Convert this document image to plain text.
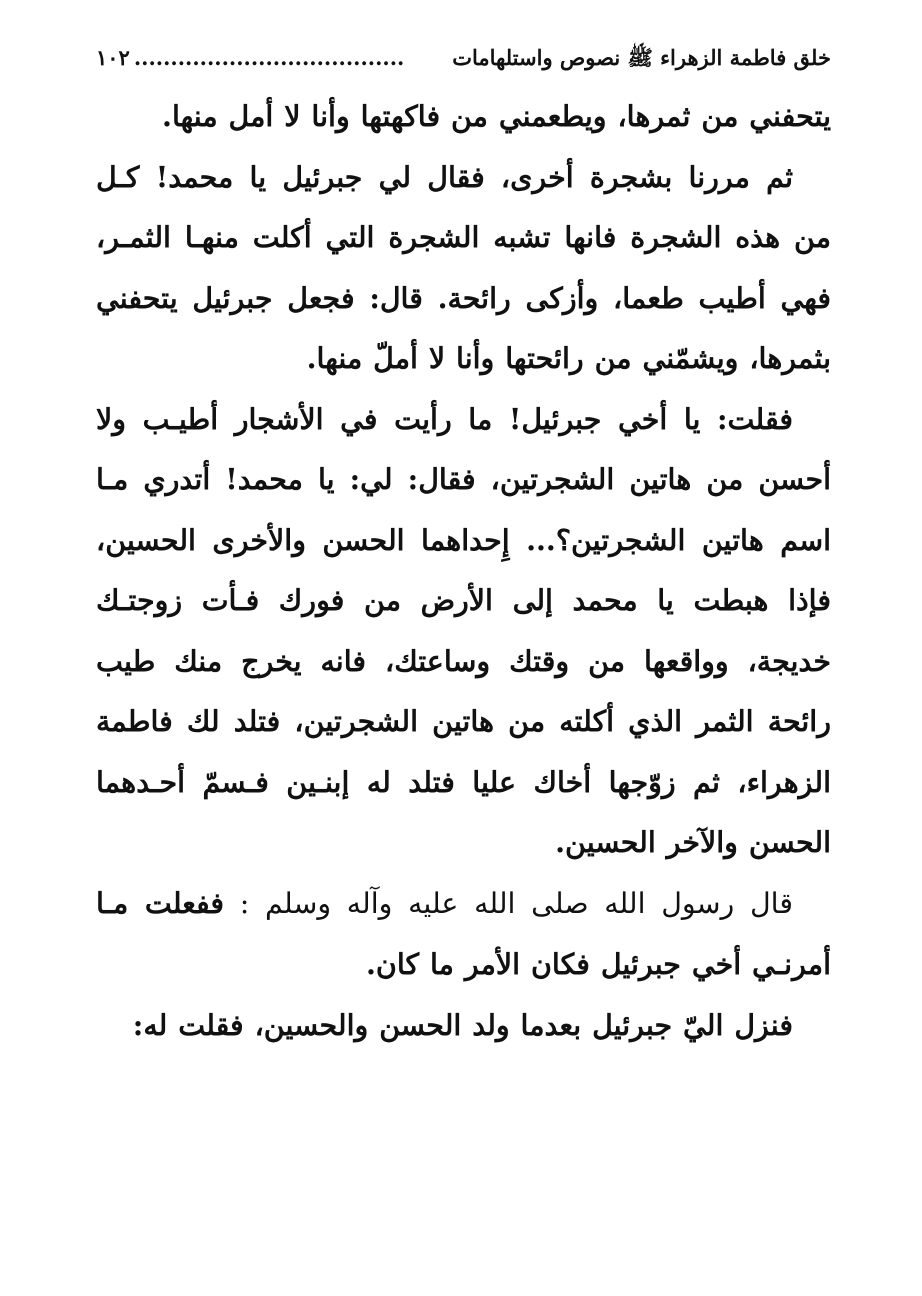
خلق فاطمة الزهراء ﷺ نصوص واستلهامات
.....................................
١٠٢

يتحفني من ثمرها، ويطعمني من فاكهتها وأنا لا أمل منها.

ثم مررنا بشجرة أخرى، فقال لي جبرئيل يا محمد! كـل من هذه الشجرة فانها تشبه الشجرة التي أكلت منهـا الثمـر، فهي أطيب طعما، وأزكى رائحة. قال: فجعل جبرئيل يتحفني بثمرها، ويشمّني من رائحتها وأنا لا أملّ منها.

فقلت: يا أخي جبرئيل! ما رأيت في الأشجار أطيـب ولا أحسن من هاتين الشجرتين، فقال: لي: يا محمد! أتدري مـا اسم هاتين الشجرتين؟... إِحداهما الحسن والأخرى الحسين، فإذا هبطت يا محمد إلى الأرض من فورك فـأت زوجتـك خديجة، وواقعها من وقتك وساعتك، فانه يخرج منك طيب رائحة الثمر الذي أكلته من هاتين الشجرتين، فتلد لك فاطمة الزهراء، ثم زوّجها أخاك عليا فتلد له إبنـين فـسمّ أحـدهما الحسن والآخر الحسين.

قال رسول الله صلى الله عليه وآله وسلم : ففعلت مـا أمرنـي أخي جبرئيل فكان الأمر ما كان.

فنزل اليّ جبرئيل بعدما ولد الحسن والحسين، فقلت له:
